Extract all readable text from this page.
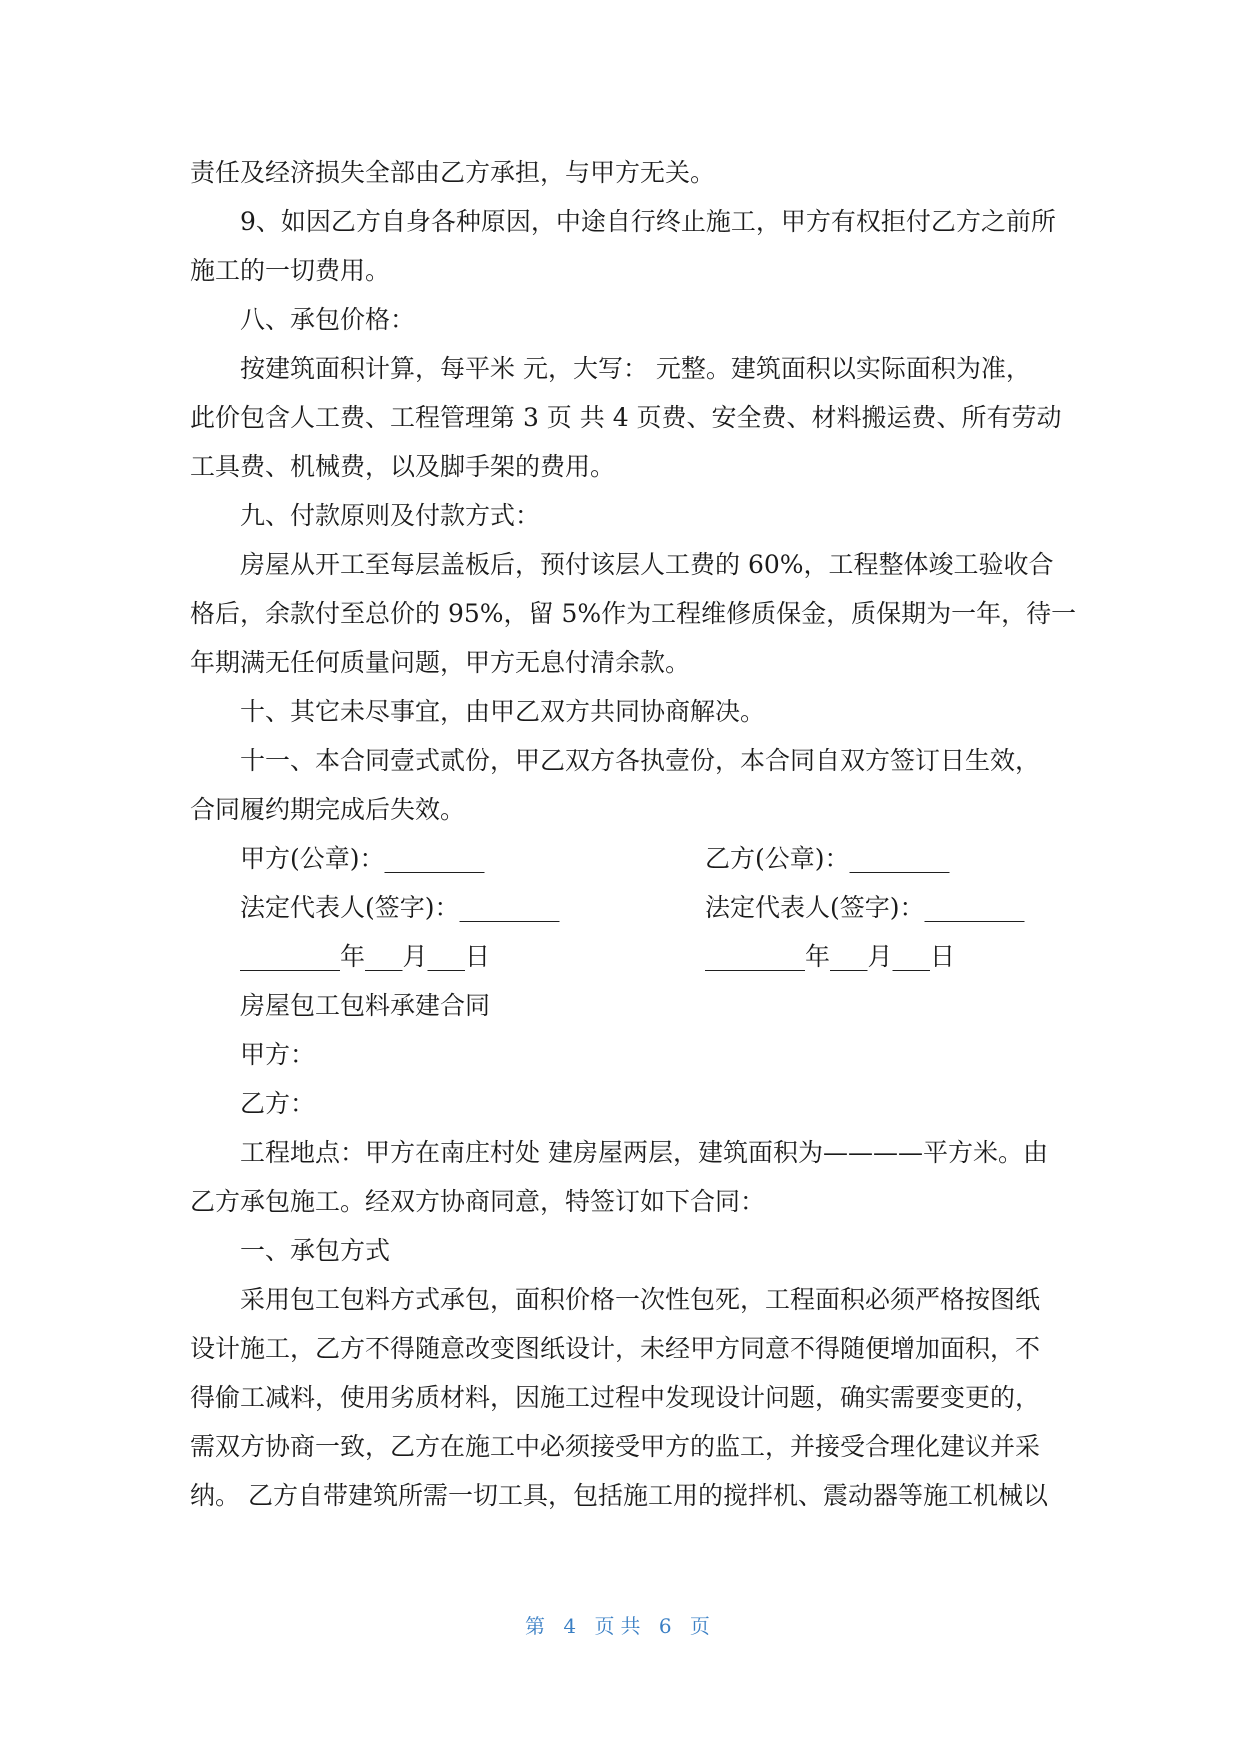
责任及经济损失全部由乙方承担，与甲方无关。
9、如因乙方自身各种原因，中途自行终止施工，甲方有权拒付乙方之前所
施工的一切费用。
八、承包价格：
按建筑面积计算，每平米 元，大写： 元整。建筑面积以实际面积为准，
此价包含人工费、工程管理第 3 页 共 4 页费、安全费、材料搬运费、所有劳动
工具费、机械费，以及脚手架的费用。
九、付款原则及付款方式：
房屋从开工至每层盖板后，预付该层人工费的 60%，工程整体竣工验收合
格后，余款付至总价的 95%，留 5%作为工程维修质保金，质保期为一年，待一
年期满无任何质量问题，甲方无息付清余款。
十、其它未尽事宜，由甲乙双方共同协商解决。
十一、本合同壹式贰份，甲乙双方各执壹份，本合同自双方签订日生效，
合同履约期完成后失效。
甲方(公章)：________	乙方(公章)：________
法定代表人(签字)：________	法定代表人(签字)：________
________年___月___日	________年___月___日
房屋包工包料承建合同
甲方：
乙方：
工程地点：甲方在南庄村处 建房屋两层，建筑面积为————平方米。由
乙方承包施工。经双方协商同意，特签订如下合同：
一、承包方式
采用包工包料方式承包，面积价格一次性包死，工程面积必须严格按图纸
设计施工，乙方不得随意改变图纸设计，未经甲方同意不得随便增加面积，不
得偷工减料，使用劣质材料，因施工过程中发现设计问题，确实需要变更的，
需双方协商一致，乙方在施工中必须接受甲方的监工，并接受合理化建议并采
纳。 乙方自带建筑所需一切工具，包括施工用的搅拌机、震动器等施工机械以
第 4 页共 6 页
